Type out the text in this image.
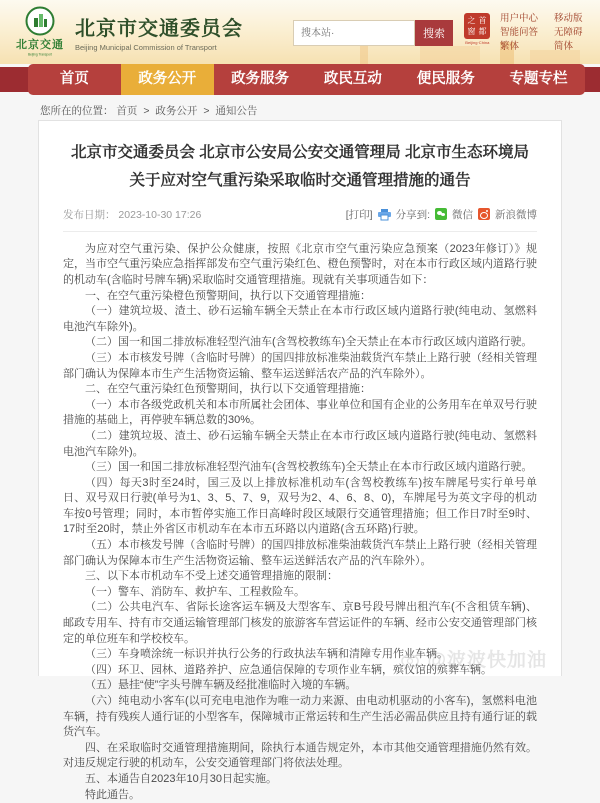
北京交通
Beijing Transport
北京市交通委员会
Beijing Municipal Commission of Transport
搜本站·
搜索
之 首
窗 都
Beijing·China
用户中心
智能问答
繁体
移动版
无障碍
简体
首页	政务公开	政务服务	政民互动	便民服务	专题专栏
您所在的位置： 首页 > 政务公开 > 通知公告
北京市交通委员会 北京市公安局公安交通管理局 北京市生态环境局关于应对空气重污染采取临时交通管理措施的通告
发布日期： 2023-10-30 17:26	[打印] 分享到: 微信 新浪微博

为应对空气重污染、保护公众健康，按照《北京市空气重污染应急预案（2023年修订）》规定，当市空气重污染应急指挥部发布空气重污染红色、橙色预警时，对在本市行政区域内道路行驶的机动车(含临时号牌车辆)采取临时交通管理措施。现就有关事项通告如下：

一、在空气重污染橙色预警期间，执行以下交通管理措施：

（一）建筑垃圾、渣土、砂石运输车辆全天禁止在本市行政区域内道路行驶(纯电动、氢燃料电池汽车除外)。

（二）国一和国二排放标准轻型汽油车(含驾校教练车)全天禁止在本市行政区域内道路行驶。

（三）本市核发号牌（含临时号牌）的国四排放标准柴油载货汽车禁止上路行驶（经相关管理部门确认为保障本市生产生活物资运输、整车运送鲜活农产品的汽车除外）。

二、在空气重污染红色预警期间，执行以下交通管理措施：

（一）本市各级党政机关和本市所属社会团体、事业单位和国有企业的公务用车在单双号行驶措施的基础上，再停驶车辆总数的30%。

（二）建筑垃圾、渣土、砂石运输车辆全天禁止在本市行政区域内道路行驶(纯电动、氢燃料电池汽车除外)。

（三）国一和国二排放标准轻型汽油车(含驾校教练车)全天禁止在本市行政区域内道路行驶。

（四）每天3时至24时，国三及以上排放标准机动车(含驾校教练车)按车牌尾号实行单号单日、双号双日行驶(单号为1、3、5、7、9，双号为2、4、6、8、0)，车牌尾号为英文字母的机动车按0号管理；同时，本市暂停实施工作日高峰时段区域限行交通管理措施；但工作日7时至9时、17时至20时，禁止外省区市机动车在本市五环路以内道路(含五环路)行驶。

（五）本市核发号牌（含临时号牌）的国四排放标准柴油载货汽车禁止上路行驶（经相关管理部门确认为保障本市生产生活物资运输、整车运送鲜活农产品的汽车除外）。

三、以下本市机动车不受上述交通管理措施的限制：

（一）警车、消防车、救护车、工程救险车。

（二）公共电汽车、省际长途客运车辆及大型客车、京B号段号牌出租汽车(不含租赁车辆)、邮政专用车、持有市交通运输管理部门核发的旅游客车营运证件的车辆、经市公安交通管理部门核定的单位班车和学校校车。

（三）车身喷涂统一标识并执行公务的行政执法车辆和清障专用作业车辆。

（四）环卫、园林、道路养护、应急通信保障的专项作业车辆，殡仪馆的殡葬车辆。

（五）悬挂“使”字头号牌车辆及经批准临时入境的车辆。

（六）纯电动小客车(以可充电电池作为唯一动力来源、由电动机驱动的小客车)，氢燃料电池车辆，持有残疾人通行证的小型客车，保障城市正常运转和生产生活必需品供应且持有通行证的载货汽车。

四、在采取临时交通管理措施期间，除执行本通告规定外，本市其他交通管理措施仍然有效。对违反规定行驶的机动车，公安交通管理部门将依法处理。

五、本通告自2023年10月30日起实施。

特此通告。

@波波快加油
